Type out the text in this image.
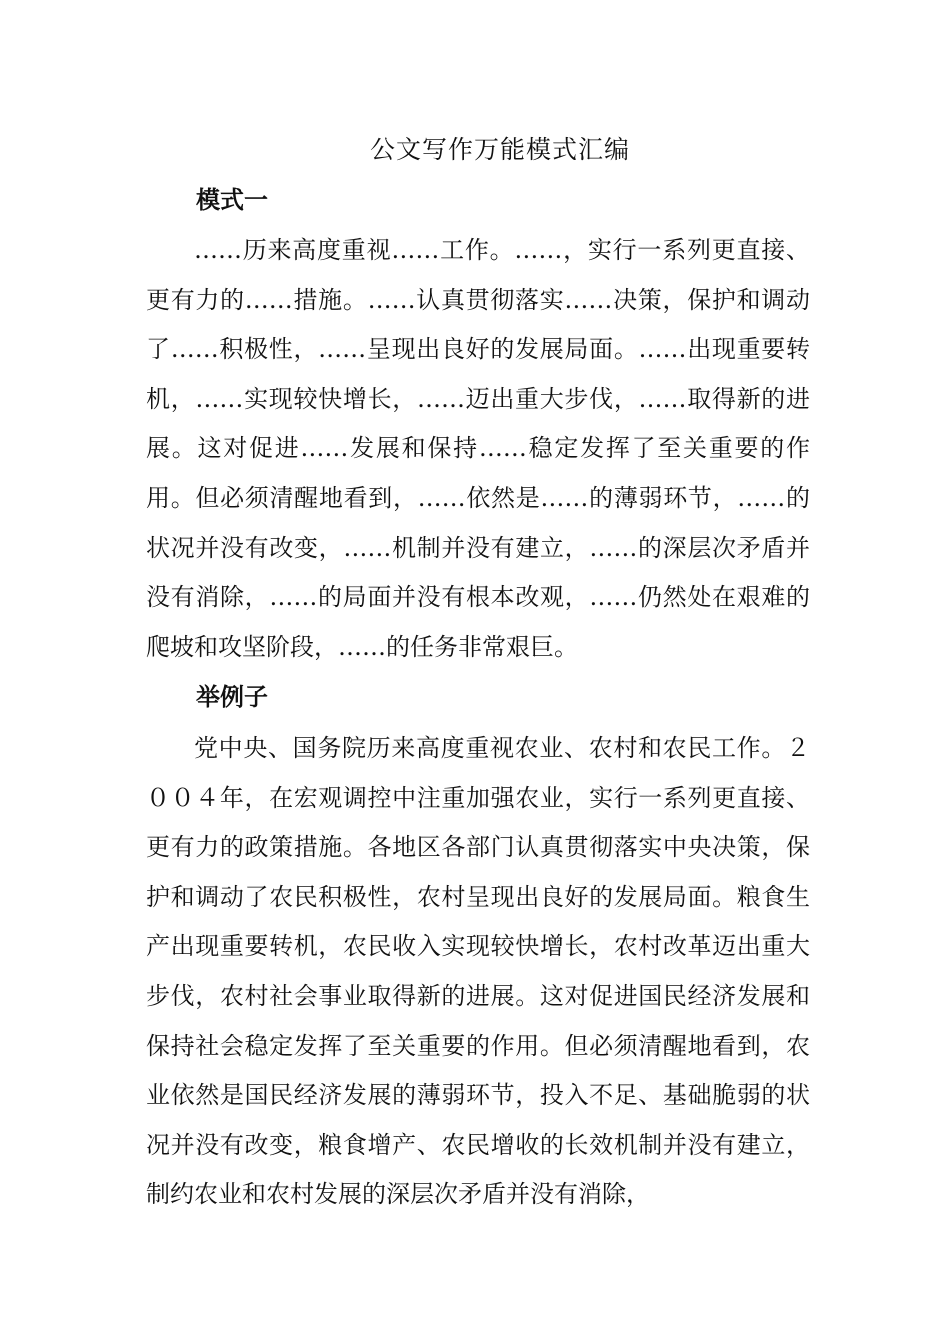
公文写作万能模式汇编
模式一

……历来高度重视……工作。……，实行一系列更直接、更有力的……措施。……认真贯彻落实……决策，保护和调动了……积极性，……呈现出良好的发展局面。……出现重要转机，……实现较快增长，……迈出重大步伐，……取得新的进展。这对促进……发展和保持……稳定发挥了至关重要的作用。但必须清醒地看到，……依然是……的薄弱环节，……的状况并没有改变，……机制并没有建立，……的深层次矛盾并没有消除，……的局面并没有根本改观，……仍然处在艰难的爬坡和攻坚阶段，……的任务非常艰巨。

举例子

党中央、国务院历来高度重视农业、农村和农民工作。２００４年，在宏观调控中注重加强农业，实行一系列更直接、更有力的政策措施。各地区各部门认真贯彻落实中央决策，保护和调动了农民积极性，农村呈现出良好的发展局面。粮食生产出现重要转机，农民收入实现较快增长，农村改革迈出重大步伐，农村社会事业取得新的进展。这对促进国民经济发展和保持社会稳定发挥了至关重要的作用。但必须清醒地看到，农业依然是国民经济发展的薄弱环节，投入不足、基础脆弱的状况并没有改变，粮食增产、农民增收的长效机制并没有建立，制约农业和农村发展的深层次矛盾并没有消除，
